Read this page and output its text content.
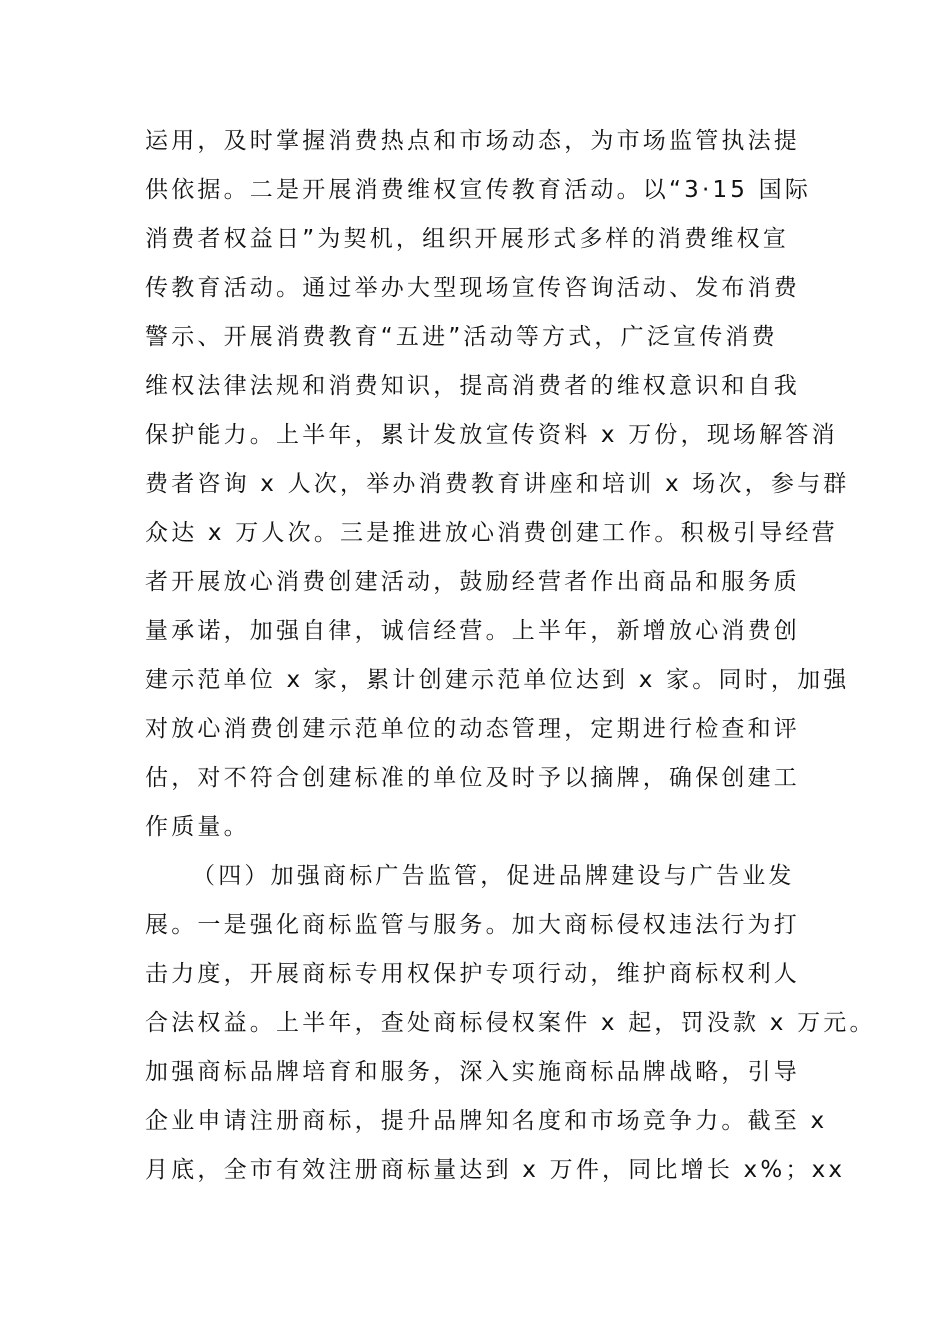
运用，及时掌握消费热点和市场动态，为市场监管执法提
供依据。二是开展消费维权宣传教育活动。以“3·15 国际
消费者权益日”为契机，组织开展形式多样的消费维权宣
传教育活动。通过举办大型现场宣传咨询活动、发布消费
警示、开展消费教育“五进”活动等方式，广泛宣传消费
维权法律法规和消费知识，提高消费者的维权意识和自我
保护能力。上半年，累计发放宣传资料 x 万份，现场解答消
费者咨询 x 人次，举办消费教育讲座和培训 x 场次，参与群
众达 x 万人次。三是推进放心消费创建工作。积极引导经营
者开展放心消费创建活动，鼓励经营者作出商品和服务质
量承诺，加强自律，诚信经营。上半年，新增放心消费创
建示范单位 x 家，累计创建示范单位达到 x 家。同时，加强
对放心消费创建示范单位的动态管理，定期进行检查和评
估，对不符合创建标准的单位及时予以摘牌，确保创建工
作质量。
（四）加强商标广告监管，促进品牌建设与广告业发
展。一是强化商标监管与服务。加大商标侵权违法行为打
击力度，开展商标专用权保护专项行动，维护商标权利人
合法权益。上半年，查处商标侵权案件 x 起，罚没款 x 万元。
加强商标品牌培育和服务，深入实施商标品牌战略，引导
企业申请注册商标，提升品牌知名度和市场竞争力。截至 x
月底，全市有效注册商标量达到 x 万件，同比增长 x%；xx
